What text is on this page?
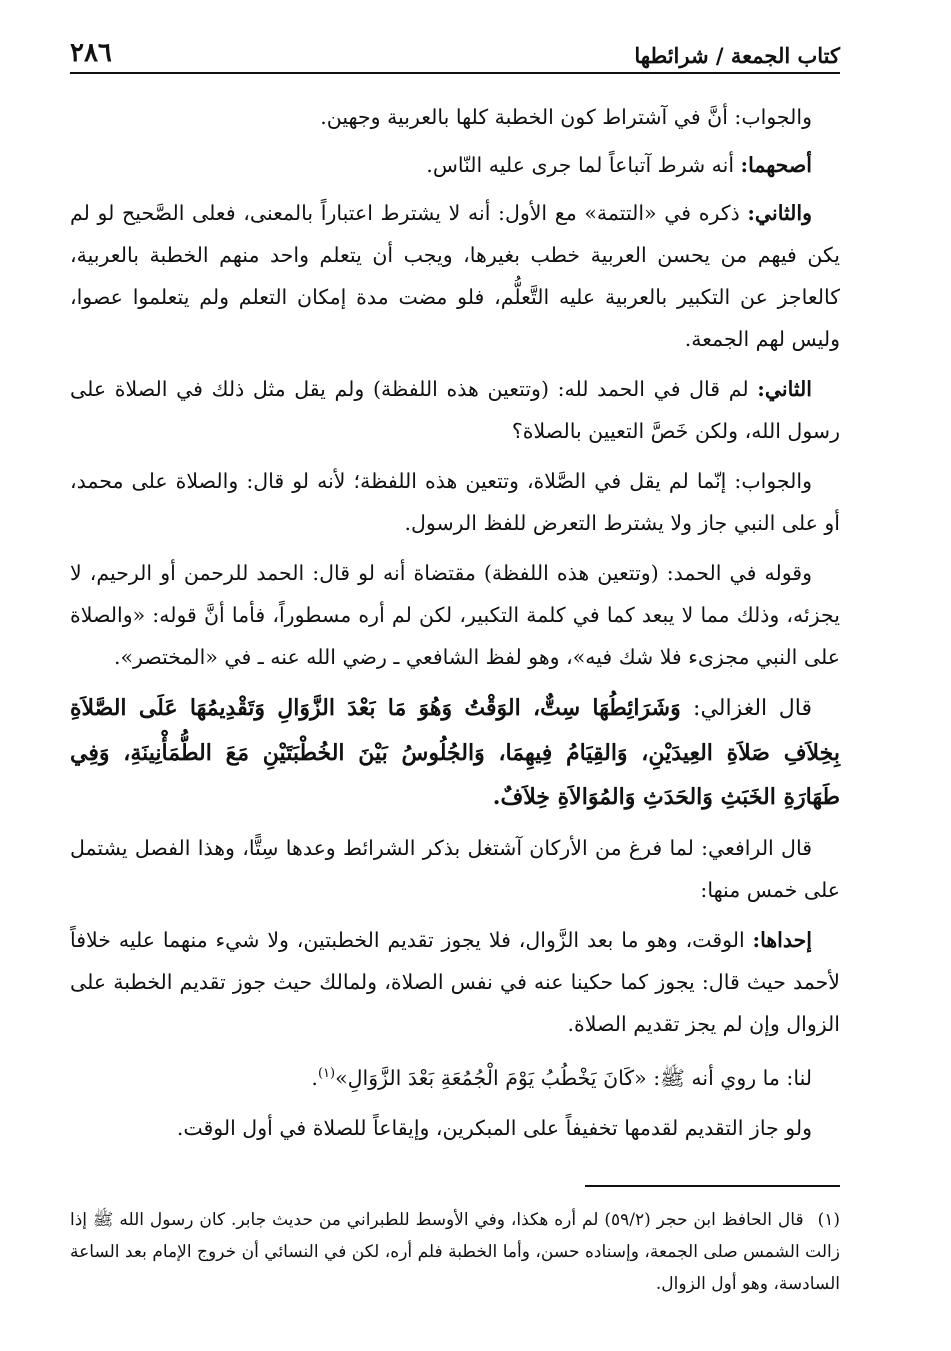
كتاب الجمعة / شرائطها
٢٨٦

والجواب: أنَّ في آشتراط كون الخطبة كلها بالعربية وجهين.

أصحهما: أنه شرط آتباعاً لما جرى عليه النّاس.

والثاني: ذكره في «التتمة» مع الأول: أنه لا يشترط اعتباراً بالمعنى، فعلى الصَّحيح لو لم يكن فيهم من يحسن العربية خطب بغيرها، ويجب أن يتعلم واحد منهم الخطبة بالعربية، كالعاجز عن التكبير بالعربية عليه التَّعلُّم، فلو مضت مدة إمكان التعلم ولم يتعلموا عصوا، وليس لهم الجمعة.

الثاني: لم قال في الحمد لله: (وتتعين هذه اللفظة) ولم يقل مثل ذلك في الصلاة على رسول الله، ولكن خَصَّ التعيين بالصلاة؟

والجواب: إنّما لم يقل في الصَّلاة، وتتعين هذه اللفظة؛ لأنه لو قال: والصلاة على محمد، أو على النبي جاز ولا يشترط التعرض للفظ الرسول.

وقوله في الحمد: (وتتعين هذه اللفظة) مقتضاة أنه لو قال: الحمد للرحمن أو الرحيم، لا يجزئه، وذلك مما لا يبعد كما في كلمة التكبير، لكن لم أره مسطوراً، فأما أنَّ قوله: «والصلاة على النبي مجزىء فلا شك فيه»، وهو لفظ الشافعي ـ رضي الله عنه ـ في «المختصر».

قال الغزالي: وَشَرَائِطُهَا سِتٌّ، الوَقْتُ وَهُوَ مَا بَعْدَ الزَّوَالِ وَتَقْدِيمُهَا عَلَى الصَّلاَةِ بِخِلاَفِ صَلاَةِ العِيدَيْنِ، وَالقِيَامُ فِيهِمَا، وَالجُلُوسُ بَيْنَ الخُطْبَتَيْنِ مَعَ الطُّمَأْنِينَةِ، وَفِي طَهَارَةِ الخَبَثِ وَالحَدَثِ وَالمُوَالاَةِ خِلاَفٌ.

قال الرافعي: لما فرغ من الأركان آشتغل بذكر الشرائط وعدها سِتًّا، وهذا الفصل يشتمل على خمس منها:

إحداها: الوقت، وهو ما بعد الزَّوال، فلا يجوز تقديم الخطبتين، ولا شيء منهما عليه خلافاً لأحمد حيث قال: يجوز كما حكينا عنه في نفس الصلاة، ولمالك حيث جوز تقديم الخطبة على الزوال وإن لم يجز تقديم الصلاة.

لنا: ما روي أنه ﷺ: «كَانَ يَخْطُبُ يَوْمَ الْجُمُعَةِ بَعْدَ الزَّوَالِ»$^{(١)}$.

ولو جاز التقديم لقدمها تخفيفاً على المبكرين، وإيقاعاً للصلاة في أول الوقت.

(١)قال الحافظ ابن حجر (٥٩/٢) لم أره هكذا، وفي الأوسط للطبراني من حديث جابر. كان رسول الله ﷺ إذا زالت الشمس صلى الجمعة، وإسناده حسن، وأما الخطبة فلم أره، لكن في النسائي أن خروج الإمام بعد الساعة السادسة، وهو أول الزوال.
